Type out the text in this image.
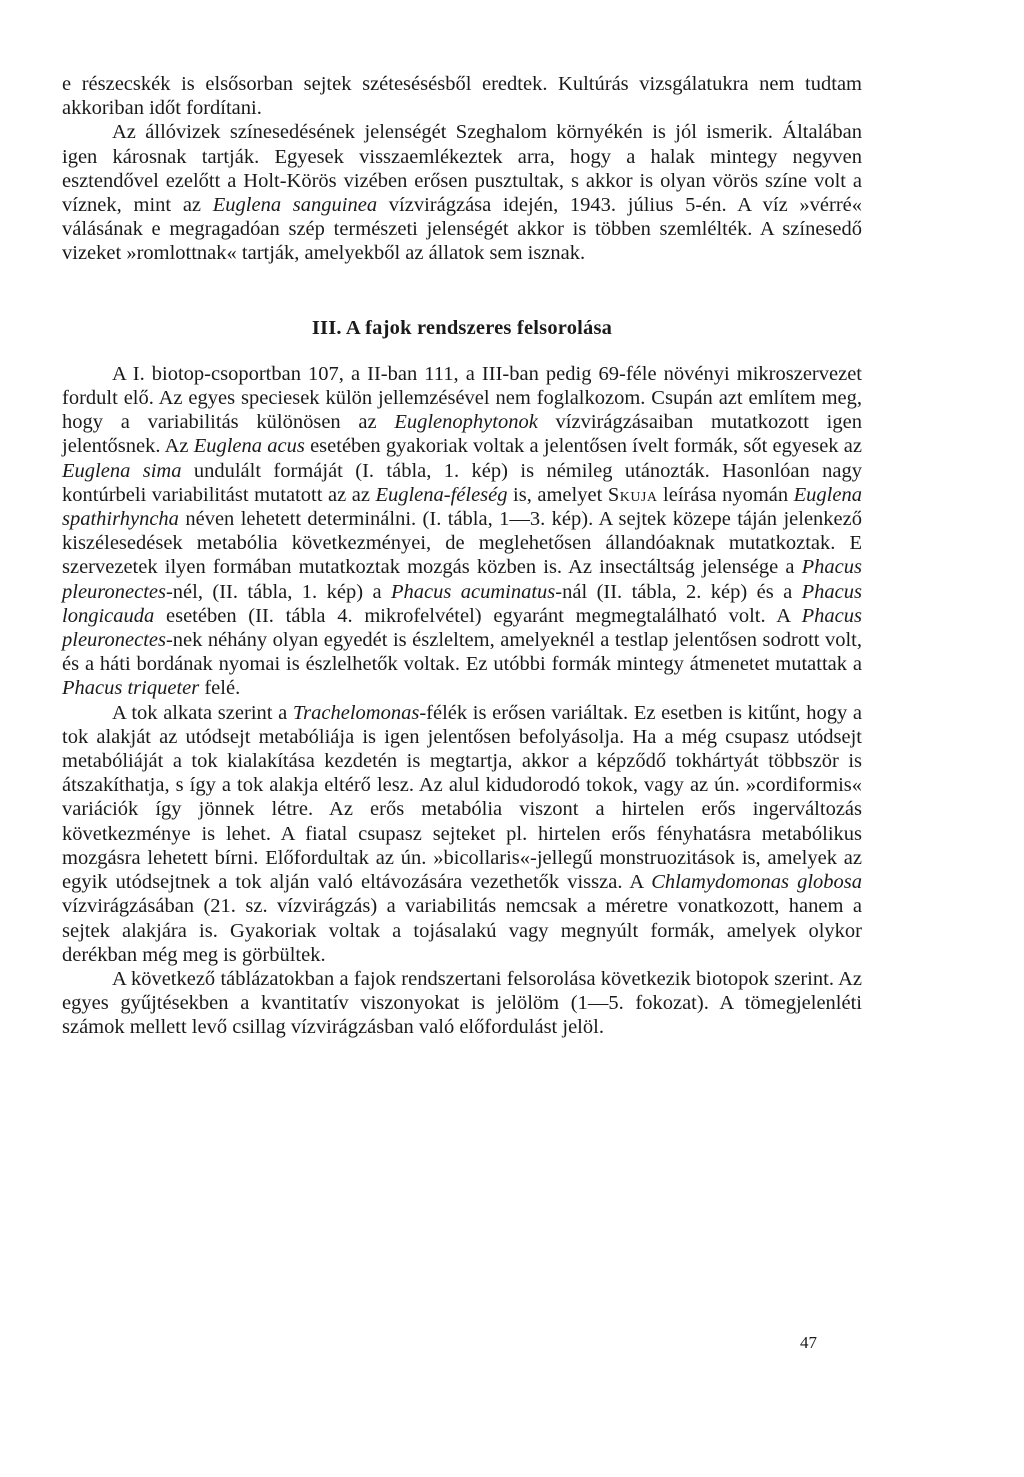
e részecskék is elsősorban sejtek szétesésésből eredtek. Kultúrás vizsgálatukra nem tudtam akkoriban időt fordítani.

Az állóvizek színesedésének jelenségét Szeghalom környékén is jól ismerik. Általában igen károsnak tartják. Egyesek visszaemlékeztek arra, hogy a halak mintegy negyven esztendővel ezelőtt a Holt-Körös vizében erősen pusztultak, s akkor is olyan vörös színe volt a víznek, mint az Euglena sanguinea vízvirágzása idején, 1943. július 5-én. A víz »vérré« válásának e megragadóan szép természeti jelenségét akkor is többen szemlélték. A színesedő vizeket »romlottnak« tartják, amelyekből az állatok sem isznak.

III. A fajok rendszeres felsorolása

A I. biotop-csoportban 107, a II-ban 111, a III-ban pedig 69-féle növényi mikroszervezet fordult elő. Az egyes speciesek külön jellemzésével nem foglalkozom. Csupán azt említem meg, hogy a variabilitás különösen az Euglenophytonok vízvirágzásaiban mutatkozott igen jelentősnek. Az Euglena acus esetében gyakoriak voltak a jelentősen ívelt formák, sőt egyesek az Euglena sima undulált formáját (I. tábla, 1. kép) is némileg utánozták. Hasonlóan nagy kontúrbeli variabilitást mutatott az az Euglena-féleség is, amelyet Skuja leírása nyomán Euglena spathirhyncha néven lehetett determinálni. (I. tábla, 1—3. kép). A sejtek közepe táján jelenkező kiszélesedések metabólia következményei, de meglehetősen állandóaknak mutatkoztak. E szervezetek ilyen formában mutatkoztak mozgás közben is. Az insectáltság jelensége a Phacus pleuronectes-nél, (II. tábla, 1. kép) a Phacus acuminatus-nál (II. tábla, 2. kép) és a Phacus longicauda esetében (II. tábla 4. mikrofelvétel) egyaránt megmegtalálható volt. A Phacus pleuronectes-nek néhány olyan egyedét is észleltem, amelyeknél a testlap jelentősen sodrott volt, és a háti bordának nyomai is észlelhetők voltak. Ez utóbbi formák mintegy átmenetet mutattak a Phacus triqueter felé.

A tok alkata szerint a Trachelomonas-félék is erősen variáltak. Ez esetben is kitűnt, hogy a tok alakját az utódsejt metabóliája is igen jelentősen befolyásolja. Ha a még csupasz utódsejt metabóliáját a tok kialakítása kezdetén is megtartja, akkor a képződő tokhártyát többször is átszakíthatja, s így a tok alakja eltérő lesz. Az alul kidudorodó tokok, vagy az ún. »cordiformis« variációk így jönnek létre. Az erős metabólia viszont a hirtelen erős ingerváltozás következménye is lehet. A fiatal csupasz sejteket pl. hirtelen erős fényhatásra metabólikus mozgásra lehetett bírni. Előfordultak az ún. »bicollaris«-jellegű monstruozitások is, amelyek az egyik utódsejtnek a tok alján való eltávozására vezethetők vissza. A Chlamydomonas globosa vízvirágzásában (21. sz. vízvirágzás) a variabilitás nemcsak a méretre vonatkozott, hanem a sejtek alakjára is. Gyakoriak voltak a tojásalakú vagy megnyúlt formák, amelyek olykor derékban még meg is görbültek.

A következő táblázatokban a fajok rendszertani felsorolása következik biotopok szerint. Az egyes gyűjtésekben a kvantitatív viszonyokat is jelölöm (1—5. fokozat). A tömegjelenléti számok mellett levő csillag vízvirágzásban való előfordulást jelöl.

47
